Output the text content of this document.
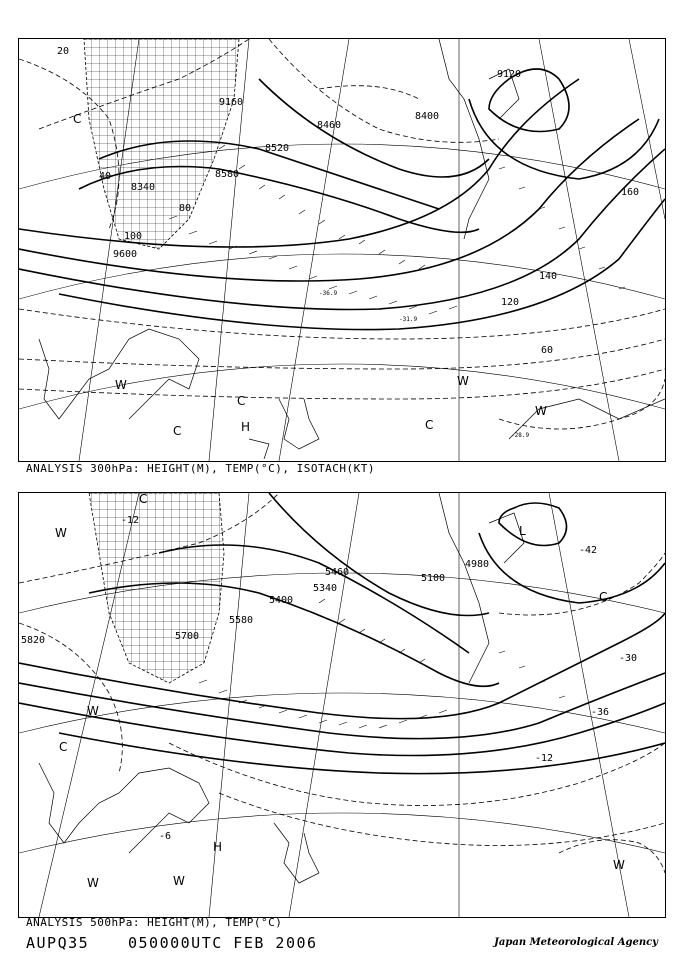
8340
8400
8460
8520
8580
9120
9160
9600
20
40
60
80
100
120
140
160
-28.9
-36.9
-31.9
W
C
H
W
C	C
W
C
ANALYSIS 300hPa: HEIGHT(M), TEMP(°C), ISOTACH(KT)
5100
5340
5400
5460
5580
5700
5820
4980
-12
-30
-36
-42
-6
-12
W	L
C
W
C
H
W	W
W
C
ANALYSIS 500hPa: HEIGHT(M), TEMP(°C)
AUPQ35	050000UTC FEB 2006	Japan Meteorological Agency
